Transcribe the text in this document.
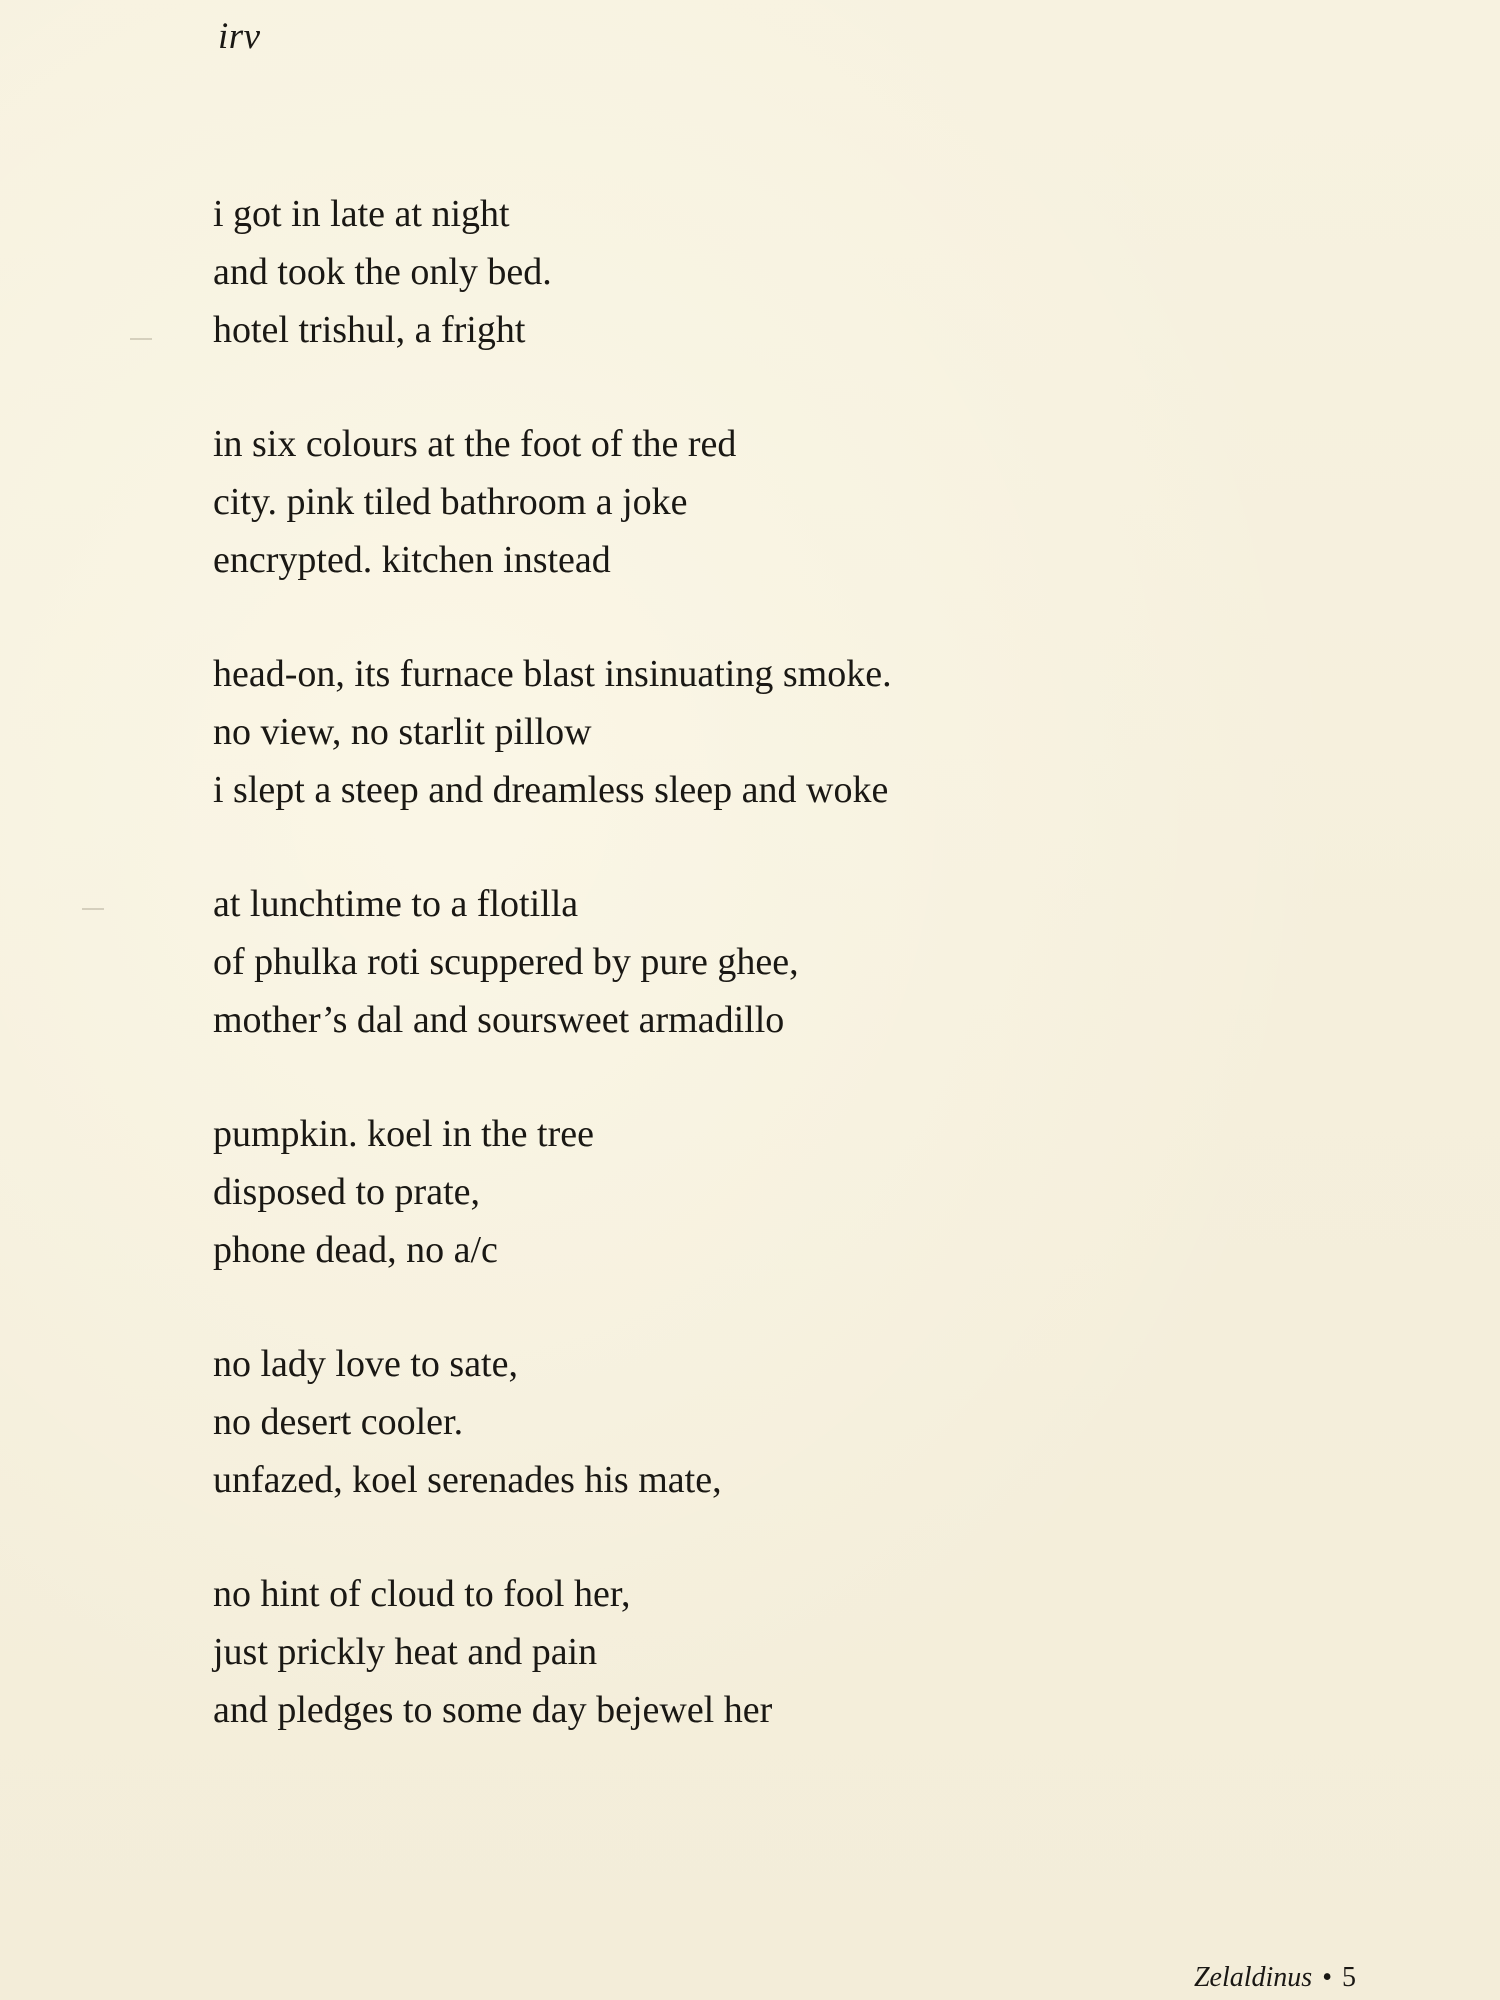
irv
i got in late at night
and took the only bed.
hotel trishul, a fright
in six colours at the foot of the red
city. pink tiled bathroom a joke
encrypted. kitchen instead
head-on, its furnace blast insinuating smoke.
no view, no starlit pillow
i slept a steep and dreamless sleep and woke
at lunchtime to a flotilla
of phulka roti scuppered by pure ghee,
mother’s dal and soursweet armadillo
pumpkin. koel in the tree
disposed to prate,
phone dead, no a/c
no lady love to sate,
no desert cooler.
unfazed, koel serenades his mate,
no hint of cloud to fool her,
just prickly heat and pain
and pledges to some day bejewel her
Zelaldinus • 5
